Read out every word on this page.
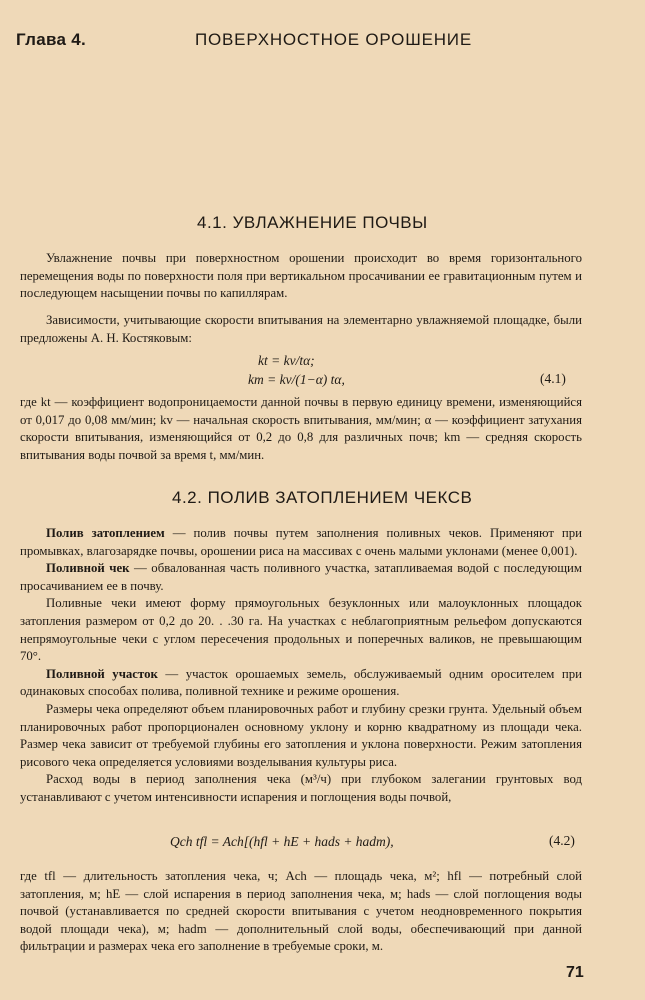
Глава 4.	ПОВЕРХНОСТНОЕ ОРОШЕНИЕ
4.1. УВЛАЖНЕНИЕ ПОЧВЫ

Увлажнение почвы при поверхностном орошении происходит во время горизонтального перемещения воды по поверхности поля при вертикальном просачивании ее гравитационным путем и последующем насыщении почвы по капиллярам.

Зависимости, учитывающие скорости впитывания на элементарно увлажняемой площадке, были предложены А. Н. Костяковым:

kt = kv/tα;
km = kv/(1−α) tα,	(4.1)

где kt — коэффициент водопроницаемости данной почвы в первую единицу времени, изменяющийся от 0,017 до 0,08 мм/мин; kv — начальная скорость впитывания, мм/мин; α — коэффициент затухания скорости впитывания, изменяющийся от 0,2 до 0,8 для различных почв; km — средняя скорость впитывания воды почвой за время t, мм/мин.

4.2. ПОЛИВ ЗАТОПЛЕНИЕМ ЧЕКСВ

Полив затоплением — полив почвы путем заполнения поливных чеков. Применяют при промывках, влагозарядке почвы, орошении риса на массивах с очень малыми уклонами (менее 0,001).

Поливной чек — обвалованная часть поливного участка, затапливаемая водой с последующим просачиванием ее в почву.

Поливные чеки имеют форму прямоугольных безуклонных или малоуклонных площадок затопления размером от 0,2 до 20. . .30 га. На участках с неблагоприятным рельефом допускаются непрямоугольные чеки с углом пересечения продольных и поперечных валиков, не превышающим 70°.

Поливной участок — участок орошаемых земель, обслуживаемый одним оросителем при одинаковых способах полива, поливной технике и режиме орошения.

Размеры чека определяют объем планировочных работ и глубину срезки грунта. Удельный объем планировочных работ пропорционален основному уклону и корню квадратному из площади чека. Размер чека зависит от требуемой глубины его затопления и уклона поверхности. Режим затопления рисового чека определяется условиями возделывания культуры риса.

Расход воды в период заполнения чека (м³/ч) при глубоком залегании грунтовых вод устанавливают с учетом интенсивности испарения и поглощения воды почвой,

Qch tfl = Ach[(hfl + hE + hads + hadm),	(4.2)

где tfl — длительность затопления чека, ч; Ach — площадь чека, м²; hfl — потребный слой затопления, м; hE — слой испарения в период заполнения чека, м; hads — слой поглощения воды почвой (устанавливается по средней скорости впитывания с учетом неодновременного покрытия водой площади чека), м; hadm — дополнительный слой воды, обеспечивающий при данной фильтрации и размерах чека его заполнение в требуемые сроки, м.

71
